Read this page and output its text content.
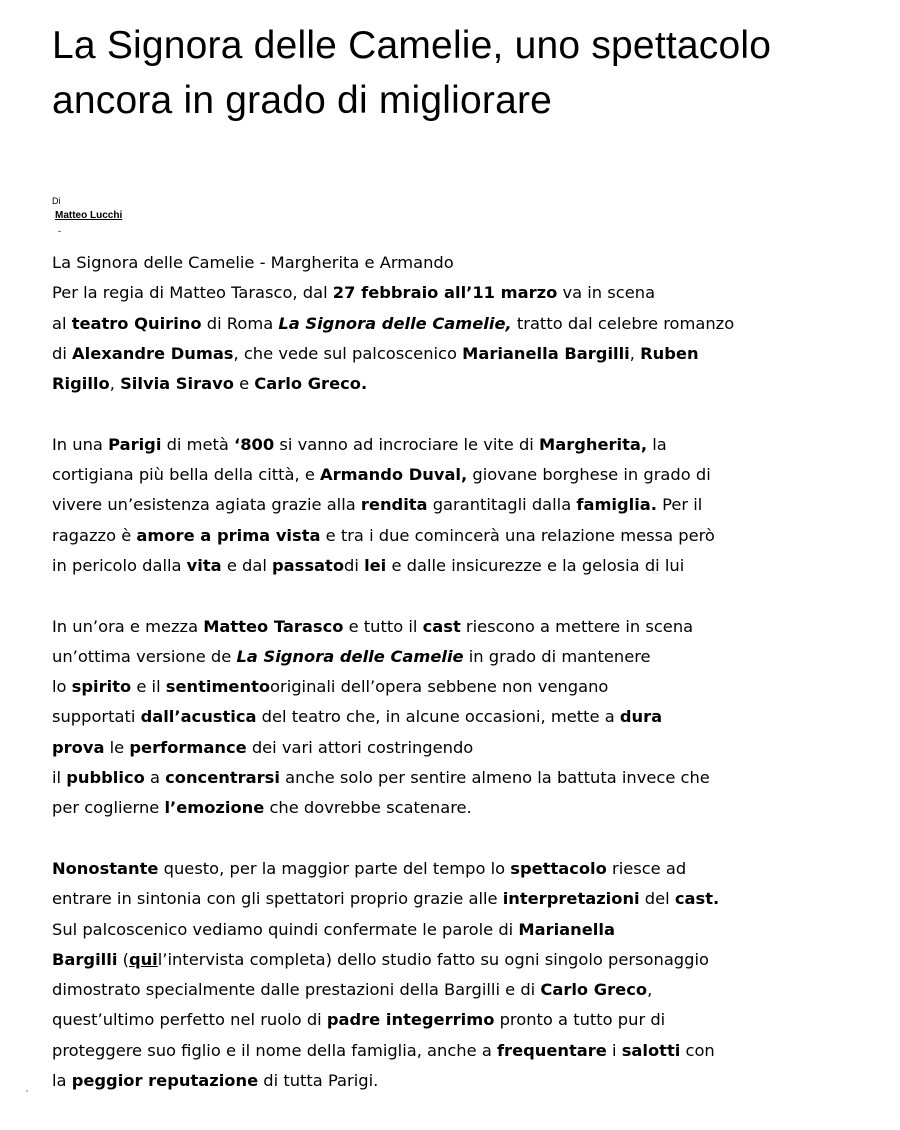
La Signora delle Camelie, uno spettacolo ancora in grado di migliorare
Di
Matteo Lucchi
-

La Signora delle Camelie - Margherita e Armando
Per la regia di Matteo Tarasco, dal 27 febbraio all’11 marzo va in scena
al teatro Quirino di Roma La Signora delle Camelie, tratto dal celebre romanzo
di Alexandre Dumas, che vede sul palcoscenico Marianella Bargilli, Ruben
Rigillo, Silvia Siravo e Carlo Greco.

In una Parigi di metà ‘800 si vanno ad incrociare le vite di Margherita, la
cortigiana più bella della città, e Armando Duval, giovane borghese in grado di
vivere un’esistenza agiata grazie alla rendita garantitagli dalla famiglia. Per il
ragazzo è amore a prima vista e tra i due comincerà una relazione messa però
in pericolo dalla vita e dal passatodi lei e dalle insicurezze e la gelosia di lui

In un’ora e mezza Matteo Tarasco e tutto il cast riescono a mettere in scena
un’ottima versione de La Signora delle Camelie in grado di mantenere
lo spirito e il sentimentooriginali dell’opera sebbene non vengano
supportati dall’acustica del teatro che, in alcune occasioni, mette a dura
prova le performance dei vari attori costringendo
il pubblico a concentrarsi anche solo per sentire almeno la battuta invece che
per coglierne l’emozione che dovrebbe scatenare.

Nonostante questo, per la maggior parte del tempo lo spettacolo riesce ad
entrare in sintonia con gli spettatori proprio grazie alle interpretazioni del cast.
Sul palcoscenico vediamo quindi confermate le parole di Marianella
Bargilli (quil’intervista completa) dello studio fatto su ogni singolo personaggio
dimostrato specialmente dalle prestazioni della Bargilli e di Carlo Greco,
quest’ultimo perfetto nel ruolo di padre integerrimo pronto a tutto pur di
proteggere suo figlio e il nome della famiglia, anche a frequentare i salotti con
la peggior reputazione di tutta Parigi.
